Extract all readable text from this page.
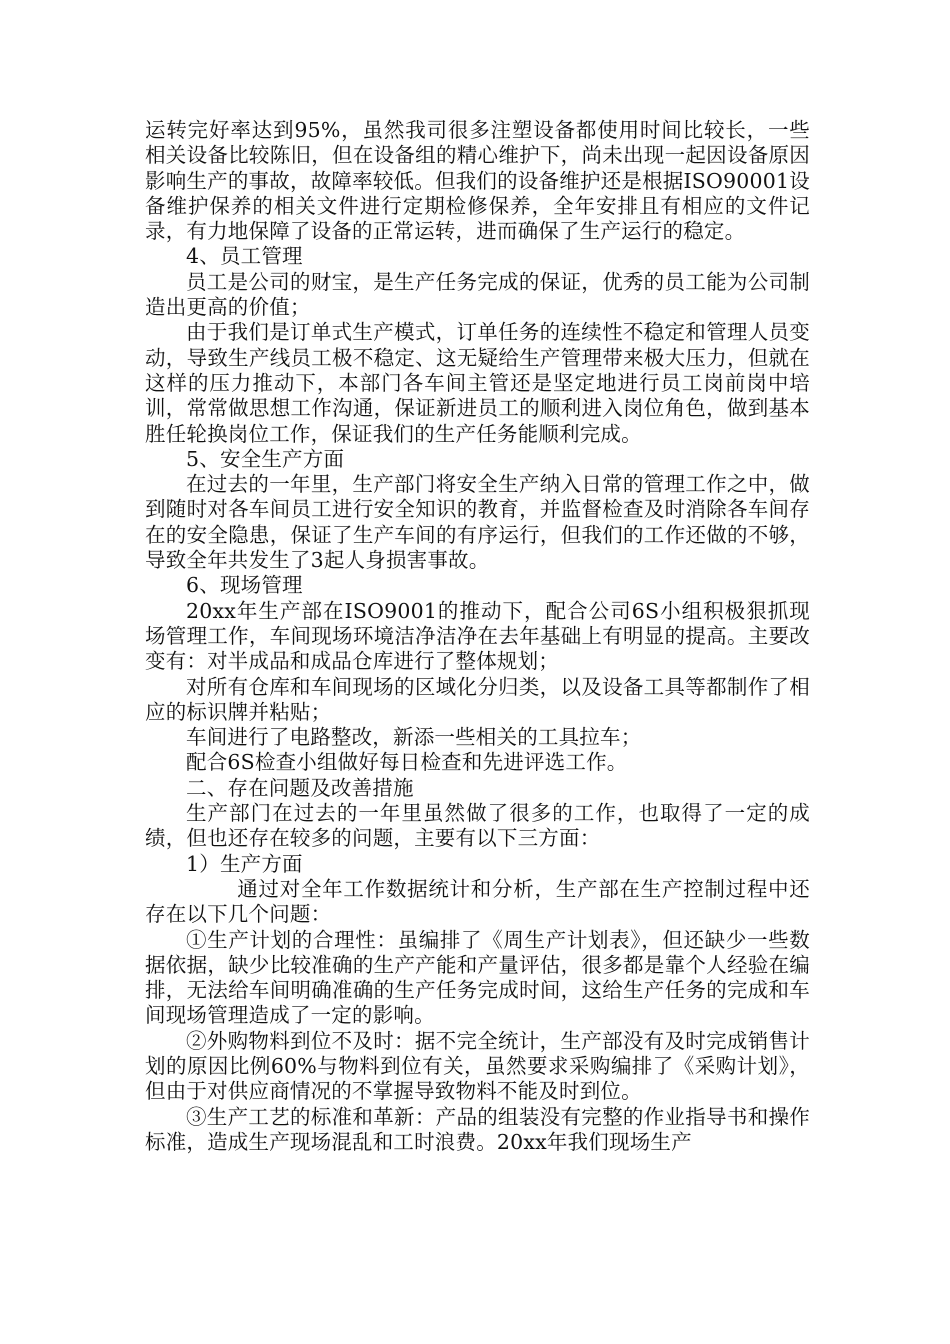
运转完好率达到95%，虽然我司很多注塑设备都使用时间比较长，一些相关设备比较陈旧，但在设备组的精心维护下，尚未出现一起因设备原因影响生产的事故，故障率较低。但我们的设备维护还是根据ISO90001设备维护保养的相关文件进行定期检修保养，全年安排且有相应的文件记录，有力地保障了设备的正常运转，进而确保了生产运行的稳定。

4、员工管理

员工是公司的财宝，是生产任务完成的保证，优秀的员工能为公司制造出更高的价值；

由于我们是订单式生产模式，订单任务的连续性不稳定和管理人员变动，导致生产线员工极不稳定、这无疑给生产管理带来极大压力，但就在这样的压力推动下，本部门各车间主管还是坚定地进行员工岗前岗中培训，常常做思想工作沟通，保证新进员工的顺利进入岗位角色，做到基本胜任轮换岗位工作，保证我们的生产任务能顺利完成。

5、安全生产方面

在过去的一年里，生产部门将安全生产纳入日常的管理工作之中，做到随时对各车间员工进行安全知识的教育，并监督检查及时消除各车间存在的安全隐患，保证了生产车间的有序运行，但我们的工作还做的不够，导致全年共发生了3起人身损害事故。

6、现场管理

20xx年生产部在ISO9001的推动下，配合公司6S小组积极狠抓现场管理工作，车间现场环境洁净洁净在去年基础上有明显的提高。主要改变有：对半成品和成品仓库进行了整体规划；

对所有仓库和车间现场的区域化分归类，以及设备工具等都制作了相应的标识牌并粘贴；

车间进行了电路整改，新添一些相关的工具拉车；

配合6S检查小组做好每日检查和先进评选工作。

二、存在问题及改善措施

生产部门在过去的一年里虽然做了很多的工作，也取得了一定的成绩，但也还存在较多的问题，主要有以下三方面：

1）生产方面

通过对全年工作数据统计和分析，生产部在生产控制过程中还存在以下几个问题：

①生产计划的合理性：虽编排了《周生产计划表》，但还缺少一些数据依据，缺少比较准确的生产产能和产量评估，很多都是靠个人经验在编排，无法给车间明确准确的生产任务完成时间，这给生产任务的完成和车间现场管理造成了一定的影响。

②外购物料到位不及时：据不完全统计，生产部没有及时完成销售计划的原因比例60%与物料到位有关，虽然要求采购编排了《采购计划》，但由于对供应商情况的不掌握导致物料不能及时到位。

③生产工艺的标准和革新：产品的组装没有完整的作业指导书和操作标准，造成生产现场混乱和工时浪费。20xx年我们现场生产
